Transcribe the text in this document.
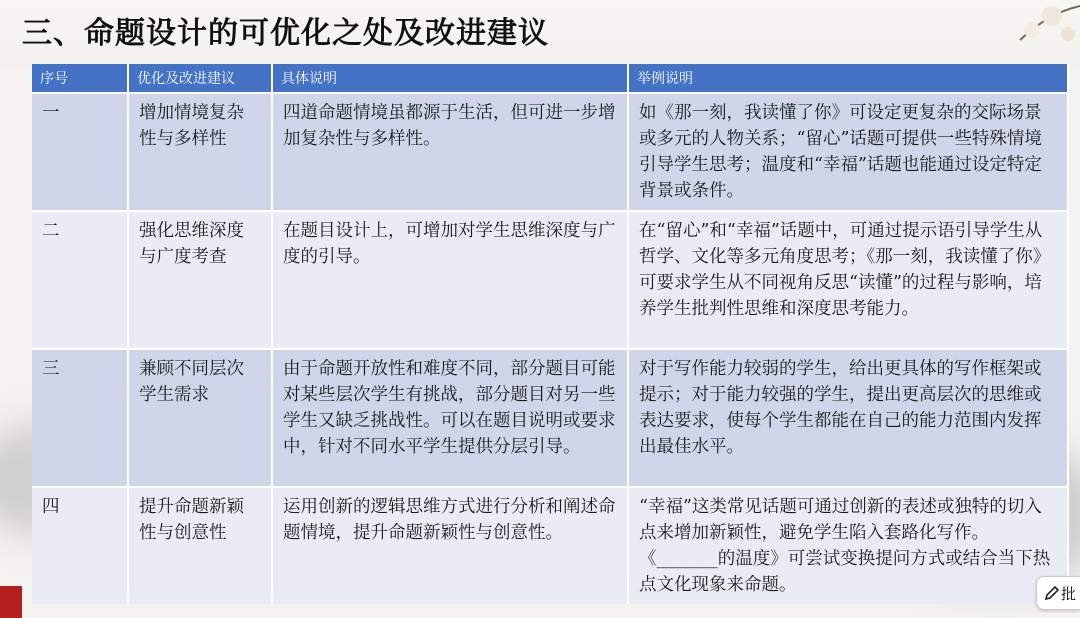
三、命题设计的可优化之处及改进建议
序号	优化及改进建议	具体说明	举例说明
一	增加情境复杂性与多样性	四道命题情境虽都源于生活，但可进一步增加复杂性与多样性。	如《那一刻，我读懂了你》可设定更复杂的交际场景或多元的人物关系；“留心”话题可提供一些特殊情境引导学生思考；温度和“幸福”话题也能通过设定特定背景或条件。
二	强化思维深度与广度考查	在题目设计上，可增加对学生思维深度与广度的引导。	在“留心”和“幸福”话题中，可通过提示语引导学生从哲学、文化等多元角度思考；《那一刻，我读懂了你》可要求学生从不同视角反思“读懂”的过程与影响，培养学生批判性思维和深度思考能力。
三	兼顾不同层次学生需求	由于命题开放性和难度不同，部分题目可能对某些层次学生有挑战，部分题目对另一些学生又缺乏挑战性。可以在题目说明或要求中，针对不同水平学生提供分层引导。	对于写作能力较弱的学生，给出更具体的写作框架或提示；对于能力较强的学生，提出更高层次的思维或表达要求，使每个学生都能在自己的能力范围内发挥出最佳水平。
四	提升命题新颖性与创意性	运用创新的逻辑思维方式进行分析和阐述命题情境，提升命题新颖性与创意性。	“幸福”这类常见话题可通过创新的表述或独特的切入点来增加新颖性，避免学生陷入套路化写作。《_______的温度》可尝试变换提问方式或结合当下热点文化现象来命题。	批
